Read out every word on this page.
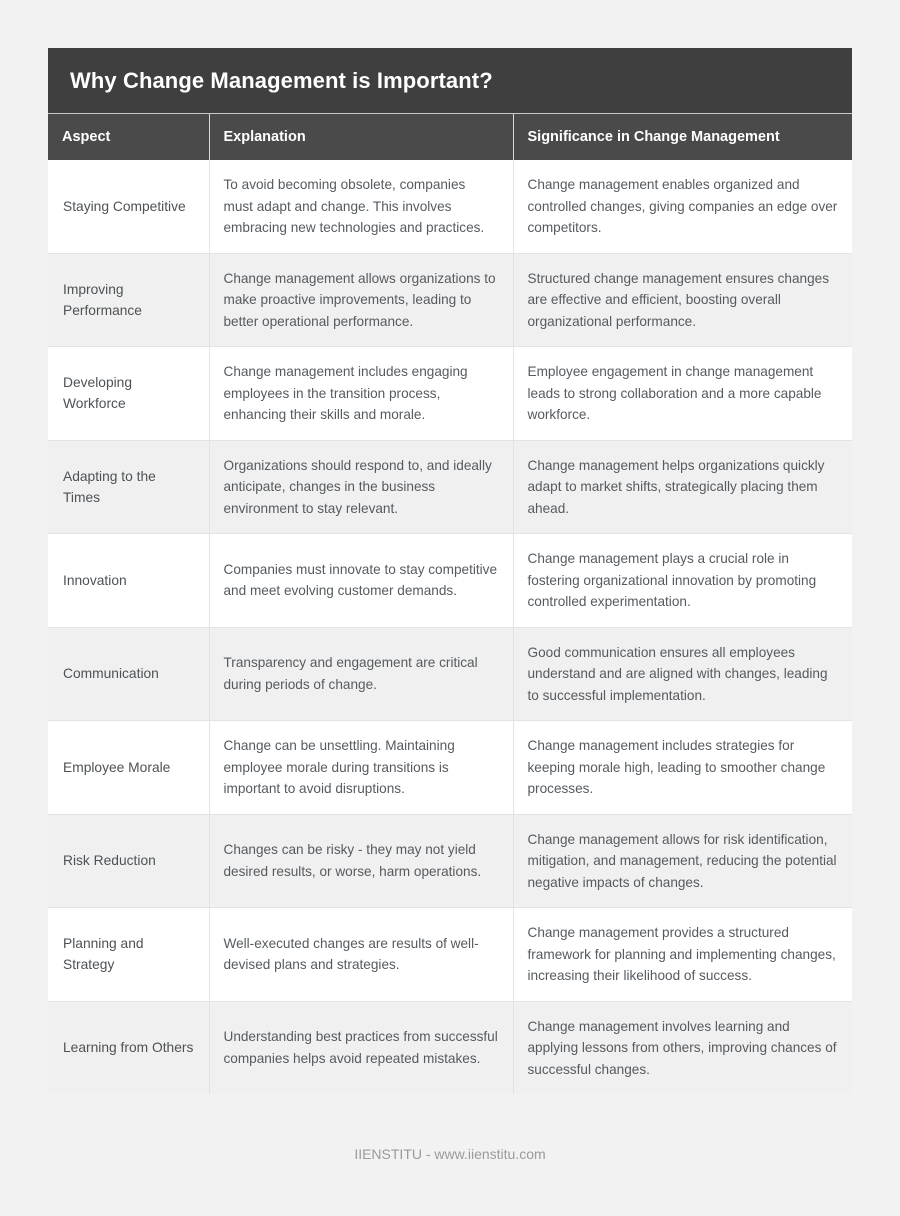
Why Change Management is Important?
Aspect	Explanation	Significance in Change Management
Staying Competitive	To avoid becoming obsolete, companies must adapt and change. This involves embracing new technologies and practices.	Change management enables organized and controlled changes, giving companies an edge over competitors.
Improving Performance	Change management allows organizations to make proactive improvements, leading to better operational performance.	Structured change management ensures changes are effective and efficient, boosting overall organizational performance.
Developing Workforce	Change management includes engaging employees in the transition process, enhancing their skills and morale.	Employee engagement in change management leads to strong collaboration and a more capable workforce.
Adapting to the Times	Organizations should respond to, and ideally anticipate, changes in the business environment to stay relevant.	Change management helps organizations quickly adapt to market shifts, strategically placing them ahead.
Innovation	Companies must innovate to stay competitive and meet evolving customer demands.	Change management plays a crucial role in fostering organizational innovation by promoting controlled experimentation.
Communication	Transparency and engagement are critical during periods of change.	Good communication ensures all employees understand and are aligned with changes, leading to successful implementation.
Employee Morale	Change can be unsettling. Maintaining employee morale during transitions is important to avoid disruptions.	Change management includes strategies for keeping morale high, leading to smoother change processes.
Risk Reduction	Changes can be risky - they may not yield desired results, or worse, harm operations.	Change management allows for risk identification, mitigation, and management, reducing the potential negative impacts of changes.
Planning and Strategy	Well-executed changes are results of well-devised plans and strategies.	Change management provides a structured framework for planning and implementing changes, increasing their likelihood of success.
Learning from Others	Understanding best practices from successful companies helps avoid repeated mistakes.	Change management involves learning and applying lessons from others, improving chances of successful changes.
IIENSTITU - www.iienstitu.com
